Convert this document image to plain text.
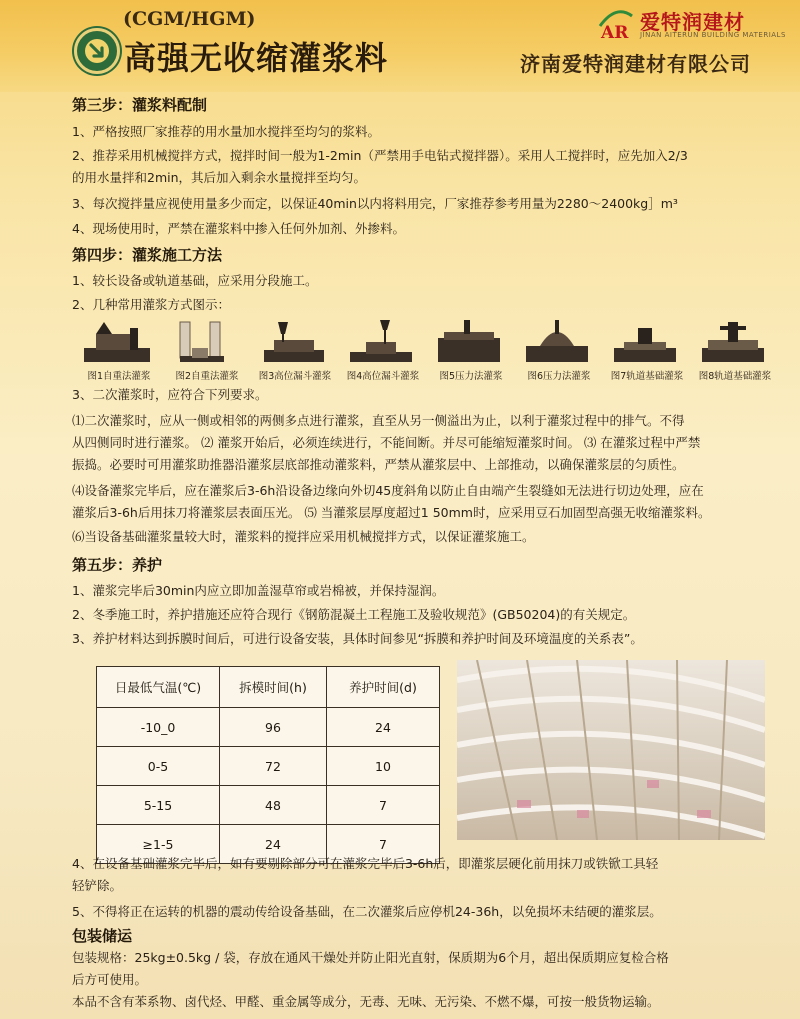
(CGM/HGM)
高强无收缩灌浆料
AR 爱特润建材
JINAN AITERUN BUILDING MATERIALS
济南爱特润建材有限公司
第三步：灌浆料配制
1、严格按照厂家推荐的用水量加水搅拌至均匀的浆料。
2、推荐采用机械搅拌方式，搅拌时间一般为1-2min（严禁用手电钻式搅拌器）。采用人工搅拌时，应先加入2/3
的用水量拌和2min，其后加入剩余水量搅拌至均匀。
3、每次搅拌量应视使用量多少而定，以保证40min以内将料用完，厂家推荐参考用量为2280～2400kg］m³
4、现场使用时，严禁在灌浆料中掺入任何外加剂、外掺料。
第四步：灌浆施工方法
1、较长设备或轨道基础，应采用分段施工。
2、几种常用灌浆方式图示：
图1自重法灌浆	图2自重法灌浆	图3高位漏斗灌浆	图4高位漏斗灌浆	图5压力法灌浆	图6压力法灌浆	图7轨道基础灌浆	图8轨道基础灌浆
3、二次灌浆时，应符合下列要求。
⑴二次灌浆时，应从一侧或相邻的两侧多点进行灌浆，直至从另一侧溢出为止，以利于灌浆过程中的排气。不得
从四侧同时进行灌浆。 ⑵ 灌浆开始后，必须连续进行，不能间断。并尽可能缩短灌浆时间。 ⑶ 在灌浆过程中严禁
振捣。必要时可用灌浆助推器沿灌浆层底部推动灌浆料，严禁从灌浆层中、上部推动，以确保灌浆层的匀质性。
⑷设备灌浆完毕后，应在灌浆后3-6h沿设备边缘向外切45度斜角以防止自由端产生裂缝如无法进行切边处理，应在
灌浆后3-6h后用抹刀将灌浆层表面压光。 ⑸ 当灌浆层厚度超过1 50mm时，应采用豆石加固型高强无收缩灌浆料。
⑹当设备基础灌浆量较大时，灌浆料的搅拌应采用机械搅拌方式，以保证灌浆施工。
第五步：养护
1、灌浆完毕后30min内应立即加盖湿草帘或岩棉被，并保持湿润。
2、冬季施工时，养护措施还应符合现行《钢筋混凝土工程施工及验收规范》(GB50204)的有关规定。
3、养护材料达到拆膜时间后，可进行设备安装，具体时间参见“拆膜和养护时间及环境温度的关系表”。
日最低气温(℃)	拆模时间(h)	养护时间(d)
-10_0	96	24
0-5	72	10
5-15	48	7
≥1-5	24	7
4、在设备基础灌浆完毕后，如有要剔除部分可在灌浆完毕后3-6h后，即灌浆层硬化前用抹刀或铁锨工具轻
轻铲除。
5、不得将正在运转的机器的震动传给设备基础，在二次灌浆后应停机24-36h，以免损坏未结硬的灌浆层。
包装储运
包装规格：25kg±0.5kg / 袋，存放在通风干燥处并防止阳光直射，保质期为6个月，超出保质期应复检合格
后方可使用。
本品不含有苯系物、卤代烃、甲醛、重金属等成分，无毒、无味、无污染、不燃不爆，可按一般货物运输。
